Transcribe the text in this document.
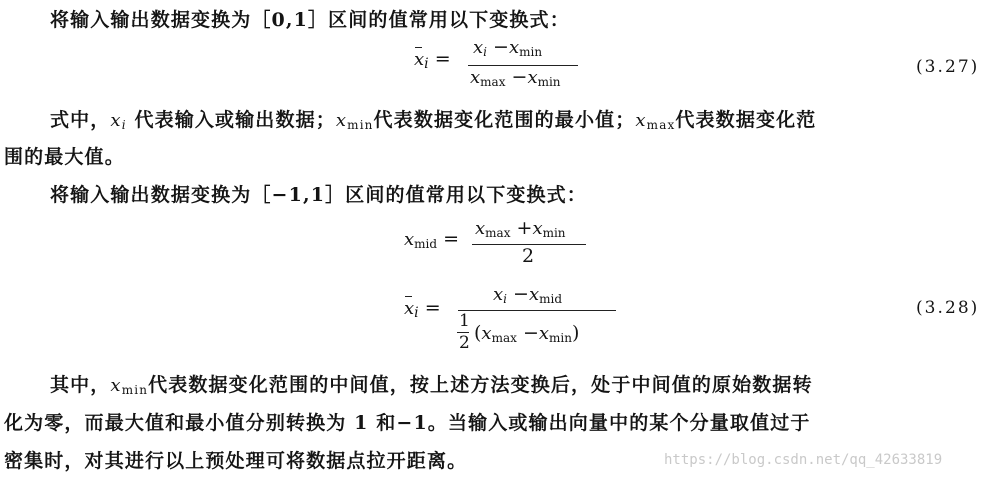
将输入输出数据变换为［0,1］区间的值常用以下变换式：
$x_i$ =
$x_i -x_{min}$
$x_{max} -x_{min}$
(3.27)
式中，$x_i$ 代表输入或输出数据；$x_{min}$代表数据变化范围的最小值；$x_{max}$代表数据变化范
围的最大值。
将输入输出数据变换为［−1,1］区间的值常用以下变换式：
$x_{mid} = x_{max} +x_{min}$
2
$x_i$ =
$x_i -x_{mid}$
1
2 $(x_{max} -x_{min})$
(3.28)
其中，$x_{min}$代表数据变化范围的中间值，按上述方法变换后，处于中间值的原始数据转
化为零，而最大值和最小值分别转换为 1 和−1。当输入或输出向量中的某个分量取值过于
密集时，对其进行以上预处理可将数据点拉开距离。	https://blog.csdn.net/qq_42633819
